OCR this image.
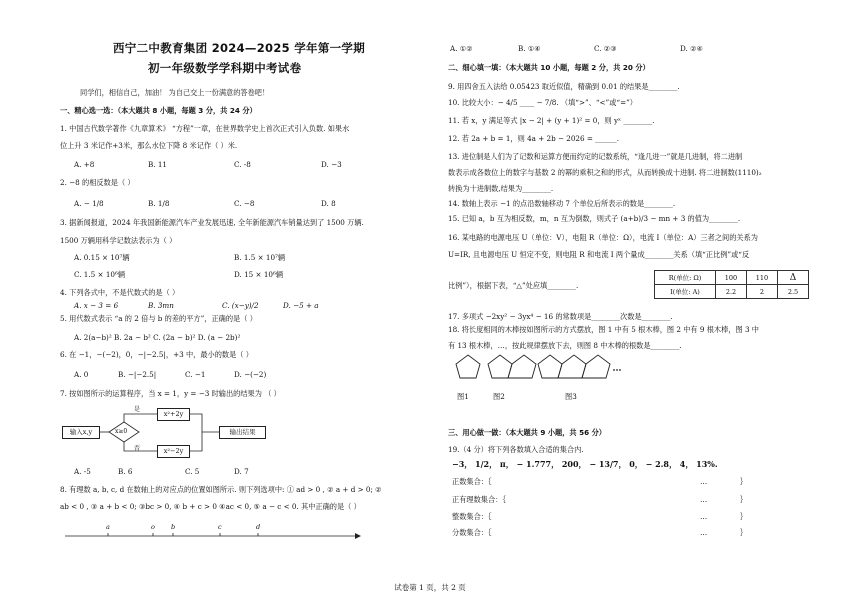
西宁二中教育集团 2024—2025 学年第一学期
初一年级数学学科期中考试卷
同学们，相信自己，加油！ 为自己交上一份满意的答卷吧！
一、精心选一选：（本大题共 8 小题，每题 3 分，共 24 分）
1. 中国古代数学著作《九章算术》 “方程”一章，在世界数学史上首次正式引入负数. 如果水
位上升 3 米记作+3米，那么水位下降 8 米记作（ ）米.
A. +8	B. 11	C. -8	D. −3
2. −8 的相反数是（ ）
A. − 1/8	B. 1/8	C. −8	D. 8
3. 据新闻报道，2024 年我国新能源汽车产业发展迅速, 全年新能源汽车销量达到了 1500 万辆.
1500 万辆用科学记数法表示为（ ）
A. 0.15 × 10⁷辆	B. 1.5 × 10⁷辆
C. 1.5 × 10⁶辆	D. 15 × 10⁶辆
4. 下列各式中，不是代数式的是（ ）
A. x − 3 = 6	B. 3mn	C. (x−y)/2	D. −5 + a
5. 用代数式表示 “a 的 2 倍与 b 的差的平方”，正确的是（ ）
A. 2(a−b)² B. 2a − b² C. (2a − b)² D. (a − 2b)²
6. 在 −1，−(−2)，0，−|−2.5|，+3 中，最小的数是（ ）
A. 0	B. −|−2.5|	C. −1	D. −(−2)
7. 按如图所示的运算程序，当 x = 1，y = −3 时输出的结果为 （ ）
输入x,y	x≥0
是
否
x²+2y
x²−2y
输出结果
A. -5	B. 6	C. 5	D. 7
8. 有理数 a, b, c, d 在数轴上的对应点的位置如图所示. 则下列选项中: ① ad > 0 , ② a + d > 0; ②
ab < 0 , ③ a + b < 0; ③bc > 0, ④ b + c > 0 ④ac < 0, ⑤ a − c < 0. 其中正确的是（ ）
a	o b	c	d
A. ①②	B. ①④	C. ②③	D. ②④
二、细心填一填：（本大题共 10 小题，每题 2 分，共 20 分）
9. 用四舍五入法给 0.05423 取近似值，精确到 0.01 的结果是________.
10. 比较大小：− 4/5 ____ − 7/8. （填“>”、“<”或“=”）
11. 若 x，y 满足等式 |x − 2| + (y + 1)² = 0，则 yˣ ________.
12. 若 2a + b = 1，则 4a + 2b − 2026 = ______.
13. 进位制是人们为了记数和运算方便而约定的记数系统，“逢几进一”就是几进制，将二进制
数表示成各数位上的数字与基数 2 的幂的乘积之和的形式，从而转换成十进制. 将二进制数(1110)₂
转换为十进制数,结果为________.
14. 数轴上表示 −1 的点沿数轴移动 7 个单位后所表示的数是________.
15. 已知 a，b 互为相反数，m，n 互为倒数，则式子 (a+b)/3 − mn + 3 的值为________.
16. 某电路的电源电压 U（单位：V），电阻 R（单位：Ω），电流 I（单位：A）三者之间的关系为
U=IR, 且电源电压 U 恒定不变，则电阻 R 和电流 I 两个量成________关系（填“正比例”或“反
比例”），根据下表，“△”处应填________.
R(单位: Ω)	100	110	Δ
I(单位: A)	2.2	2	2.5
17. 多项式 −2xy² − 3yx⁴ − 16 的常数项是________次数是________.
18. 将长度相同的木棒按如图所示的方式摆放，图 1 中有 5 根木棒，图 2 中有 9 根木棒，图 3 中
有 13 根木棒，…，按此规律摆放下去，则图 8 中木棒的根数是________.
图1	图2	图3
三、用心做一做：（本大题共 9 小题，共 56 分）
19.（4 分）将下列各数填入合适的集合内.
−3， 1/2， π， − 1.777， 200， − 13/7， 0， − 2.8， 4， 13%.
正数集合：｛	…	｝
正有理数集合：｛	…	｝
整数集合：｛	…	｝
分数集合：｛	…	｝
试卷第 1 页，共 2 页
